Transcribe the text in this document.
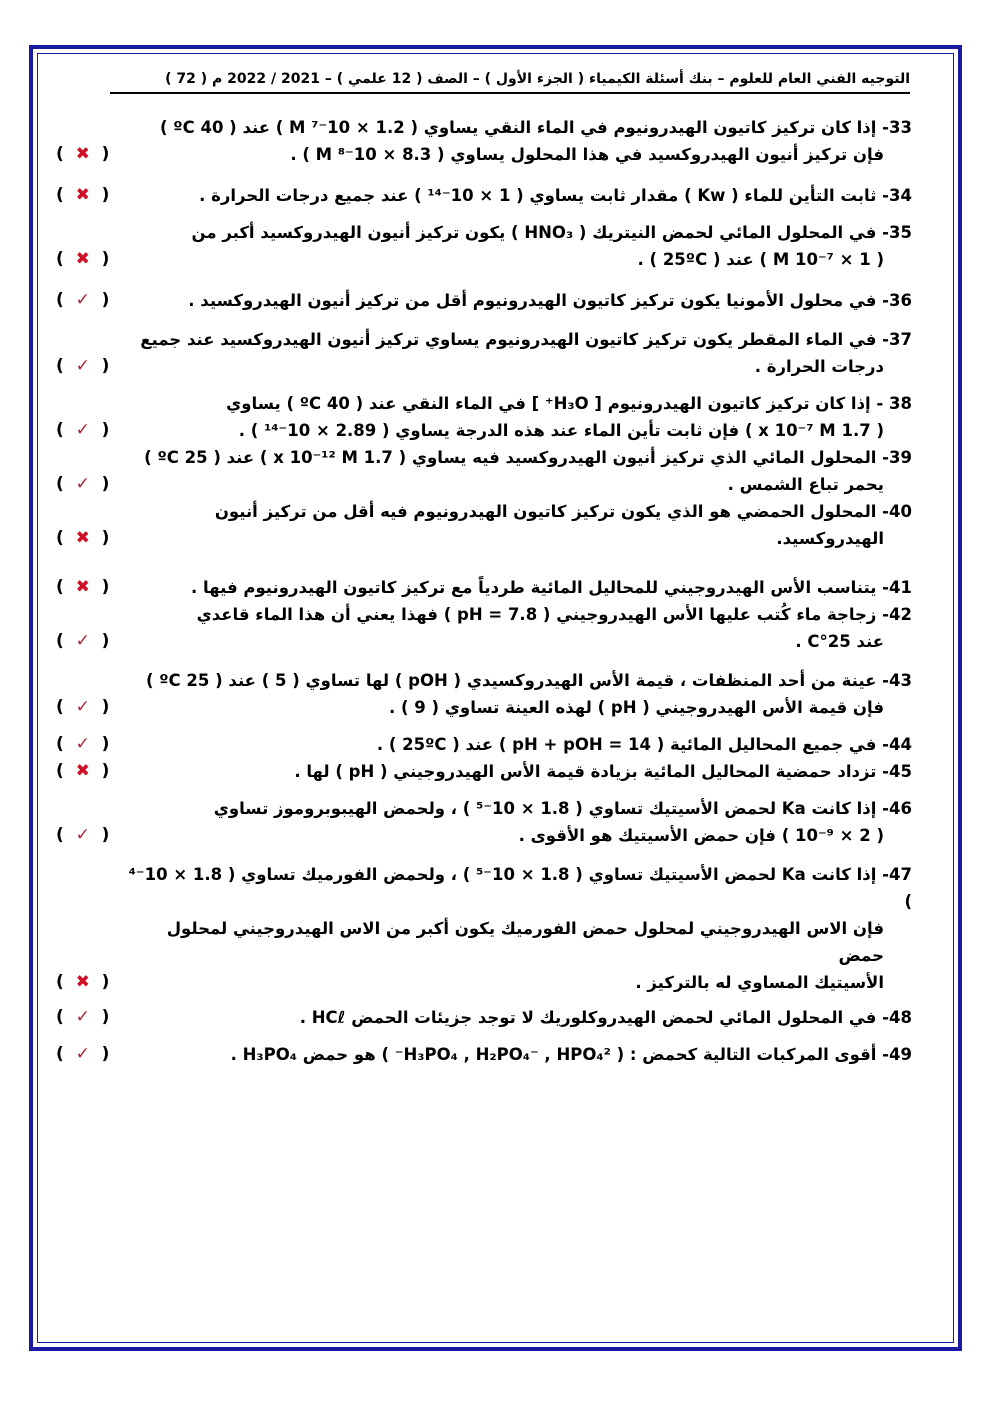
التوجيه الفني العام للعلوم – بنك أسئلة الكيمياء ( الجزء الأول ) – الصف ( 12 علمي ) – 2021 / 2022 م ( 72 )
33- إذا كان تركيز كاتيون الهيدرونيوم في الماء النقي يساوي ( 1.2 × 10⁻⁷ M ) عند ( 40 ºC )
فإن تركيز أنيون الهيدروكسيد في هذا المحلول يساوي ( 8.3 × 10⁻⁸ M ) .
( ✖ )
34- ثابت التأين للماء ( Kw ) مقدار ثابت يساوي ( 1 × 10⁻¹⁴ ) عند جميع درجات الحرارة .
( ✖ )
35- في المحلول المائي لحمض النيتريك ( HNO₃ ) يكون تركيز أنيون الهيدروكسيد أكبر من
( 1 × 10⁻⁷ M ) عند ( 25ºC ) .
( ✖ )
36- في محلول الأمونيا يكون تركيز كاتيون الهيدرونيوم أقل من تركيز أنيون الهيدروكسيد .
( ✓ )
37- في الماء المقطر يكون تركيز كاتيون الهيدرونيوم يساوي تركيز أنيون الهيدروكسيد عند جميع
درجات الحرارة .
( ✓ )
38 - إذا كان تركيز كاتيون الهيدرونيوم [ H₃O⁺ ] في الماء النقي عند ( 40 ºC ) يساوي
( 1.7 x 10⁻⁷ M ) فإن ثابت تأين الماء عند هذه الدرجة يساوي ( 2.89 × 10⁻¹⁴ ) .
( ✓ )
39- المحلول المائي الذي تركيز أنيون الهيدروكسيد فيه يساوي ( 1.7 x 10⁻¹² M ) عند ( 25 ºC )
يحمر تباع الشمس .
( ✓ )
40- المحلول الحمضي هو الذي يكون تركيز كاتيون الهيدرونيوم فيه أقل من تركيز أنيون
الهيدروكسيد.
( ✖ )
41- يتناسب الأس الهيدروجيني للمحاليل المائية طردياً مع تركيز كاتيون الهيدرونيوم فيها .
( ✖ )
42- زجاجة ماء كُتب عليها الأس الهيدروجيني ( pH = 7.8 ) فهذا يعني أن هذا الماء قاعدي
عند 25°C .
( ✓ )
43- عينة من أحد المنظفات ، قيمة الأس الهيدروكسيدي ( pOH ) لها تساوي ( 5 ) عند ( 25 ºC )
فإن قيمة الأس الهيدروجيني ( pH ) لهذه العينة تساوي ( 9 ) .
( ✓ )
44- في جميع المحاليل المائية ( pH + pOH = 14 ) عند ( 25ºC ) .
( ✓ )
45- تزداد حمضية المحاليل المائية بزيادة قيمة الأس الهيدروجيني ( pH ) لها .
( ✖ )
46- إذا كانت Ka لحمض الأسيتيك تساوي ( 1.8 × 10⁻⁵ ) ، ولحمض الهيبوبروموز تساوي
( 2 × 10⁻⁹ ) فإن حمض الأسيتيك هو الأقوى .
( ✓ )
47- إذا كانت Ka لحمض الأسيتيك تساوي ( 1.8 × 10⁻⁵ ) ، ولحمض الفورميك تساوي ( 1.8 × 10⁻⁴ )
فإن الاس الهيدروجيني لمحلول حمض الفورميك يكون أكبر من الاس الهيدروجيني لمحلول حمض
الأسيتيك المساوي له بالتركيز .
( ✖ )
48- في المحلول المائي لحمض الهيدروكلوريك لا توجد جزيئات الحمض HCℓ .
( ✓ )
49- أقوى المركبات التالية كحمض : ( H₃PO₄ , H₂PO₄⁻ , HPO₄²⁻ ) هو حمض H₃PO₄ .
( ✓ )
